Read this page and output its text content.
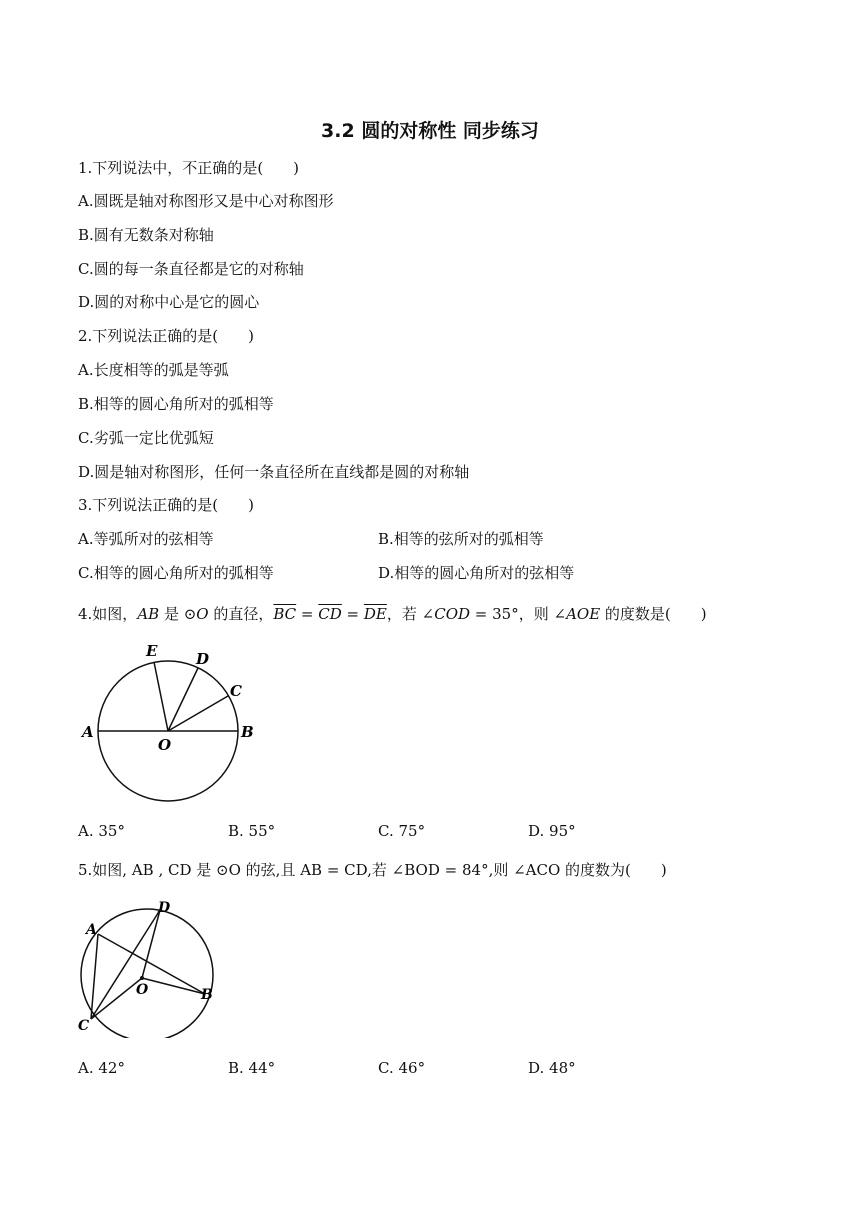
3.2 圆的对称性 同步练习
1.下列说法中，不正确的是(　　)
A.圆既是轴对称图形又是中心对称图形
B.圆有无数条对称轴
C.圆的每一条直径都是它的对称轴
D.圆的对称中心是它的圆心
2.下列说法正确的是(　　)
A.长度相等的弧是等弧
B.相等的圆心角所对的弧相等
C.劣弧一定比优弧短
D.圆是轴对称图形，任何一条直径所在直线都是圆的对称轴
3.下列说法正确的是(　　)
A.等弧所对的弦相等	B.相等的弦所对的弧相等
C.相等的圆心角所对的弧相等	D.相等的圆心角所对的弦相等
4.如图，AB 是 ⊙O 的直径，$\overline{BC} = \overline{CD} = \overline{DE}$，若 ∠COD = 35°，则 ∠AOE 的度数是(　　)
E	D
C
A
O
B
A. 35°	B. 55°	C. 75°	D. 95°
5.如图, AB , CD 是 ⊙O 的弦,且 AB = CD,若 ∠BOD = 84°,则 ∠ACO 的度数为(　　)
A
D
O	B
C
A. 42°	B. 44°	C. 46°	D. 48°
